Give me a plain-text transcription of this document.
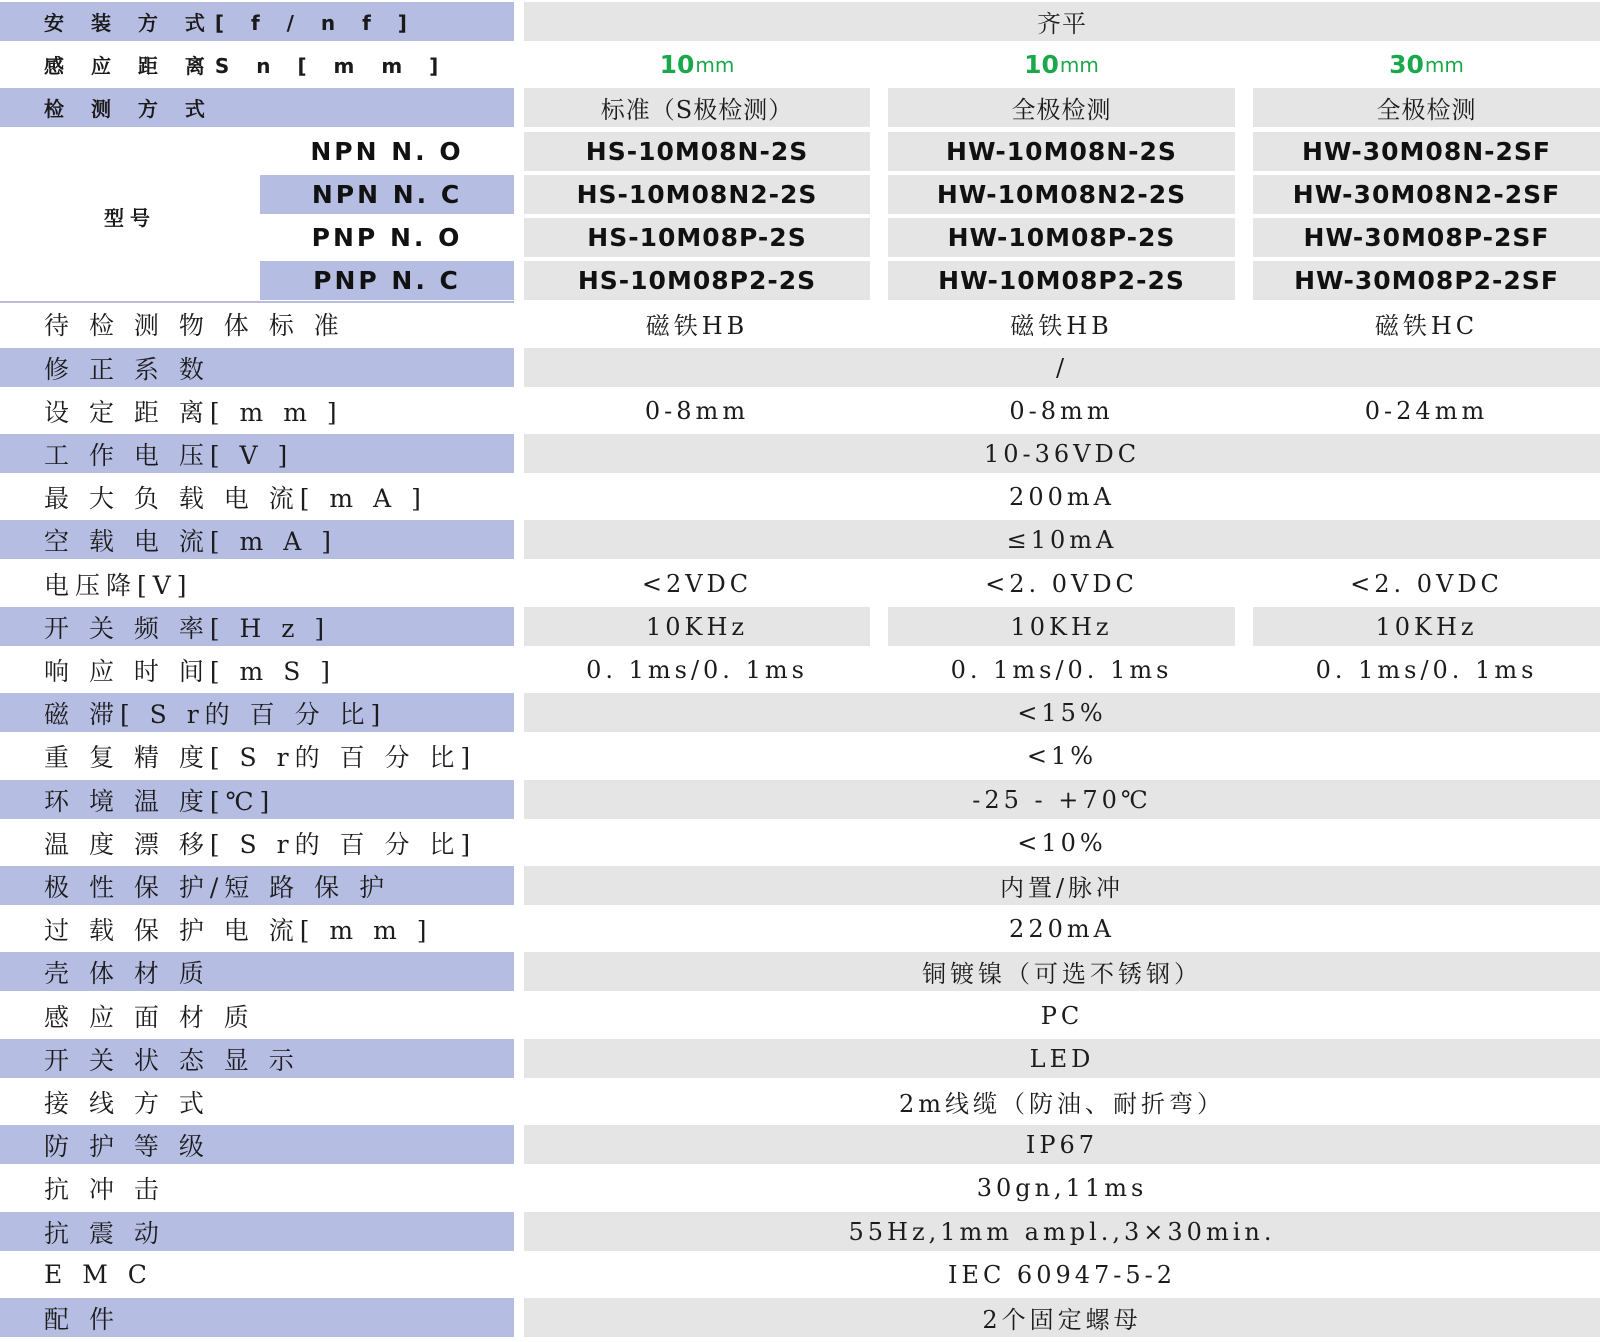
安 装 方 式[ f / n f ]	齐平
感 应 距 离S n [ m m ]	10 mm	10 mm	30 mm
检 测 方 式	标准（S极检测）	全极检测	全极检测
型号
NPN N. O	HS-10M08N-2S	HW-10M08N-2S	HW-30M08N-2SF
NPN N. C	HS-10M08N2-2S	HW-10M08N2-2S	HW-30M08N2-2SF
PNP N. O	HS-10M08P-2S	HW-10M08P-2S	HW-30M08P-2SF
PNP N. C	HS-10M08P2-2S	HW-10M08P2-2S	HW-30M08P2-2SF
待 检 测 物 体 标 准	磁铁HB	磁铁HB	磁铁HC
修 正 系 数	/
设 定 距 离[ m m ]	0-8mm	0-8mm	0-24mm
工 作 电 压[ V ]	10-36VDC
最 大 负 载 电 流[ m A ]	200mA
空 载 电 流[ m A ]	≤10mA
电压降[V]	<2VDC	<2. 0VDC	<2. 0VDC
开 关 频 率[ H z ]	10KHz	10KHz	10KHz
响 应 时 间[ m S ]	0. 1ms/0. 1ms	0. 1ms/0. 1ms	0. 1ms/0. 1ms
磁 滞[ S r的 百 分 比]	<15%
重 复 精 度[ S r的 百 分 比]	<1%
环 境 温 度[℃]	-25 - +70℃
温 度 漂 移[ S r的 百 分 比]	<10%
极 性 保 护/短 路 保 护	内置/脉冲
过 载 保 护 电 流[ m m ]	220mA
壳 体 材 质	铜镀镍（可选不锈钢）
感 应 面 材 质	PC
开 关 状 态 显 示	LED
接 线 方 式	2m线缆（防油、耐折弯）
防 护 等 级	IP67
抗 冲 击	30gn,11ms
抗 震 动	55Hz,1mm ampl.,3×30min.
E M C	IEC 60947-5-2
配 件	2个固定螺母
